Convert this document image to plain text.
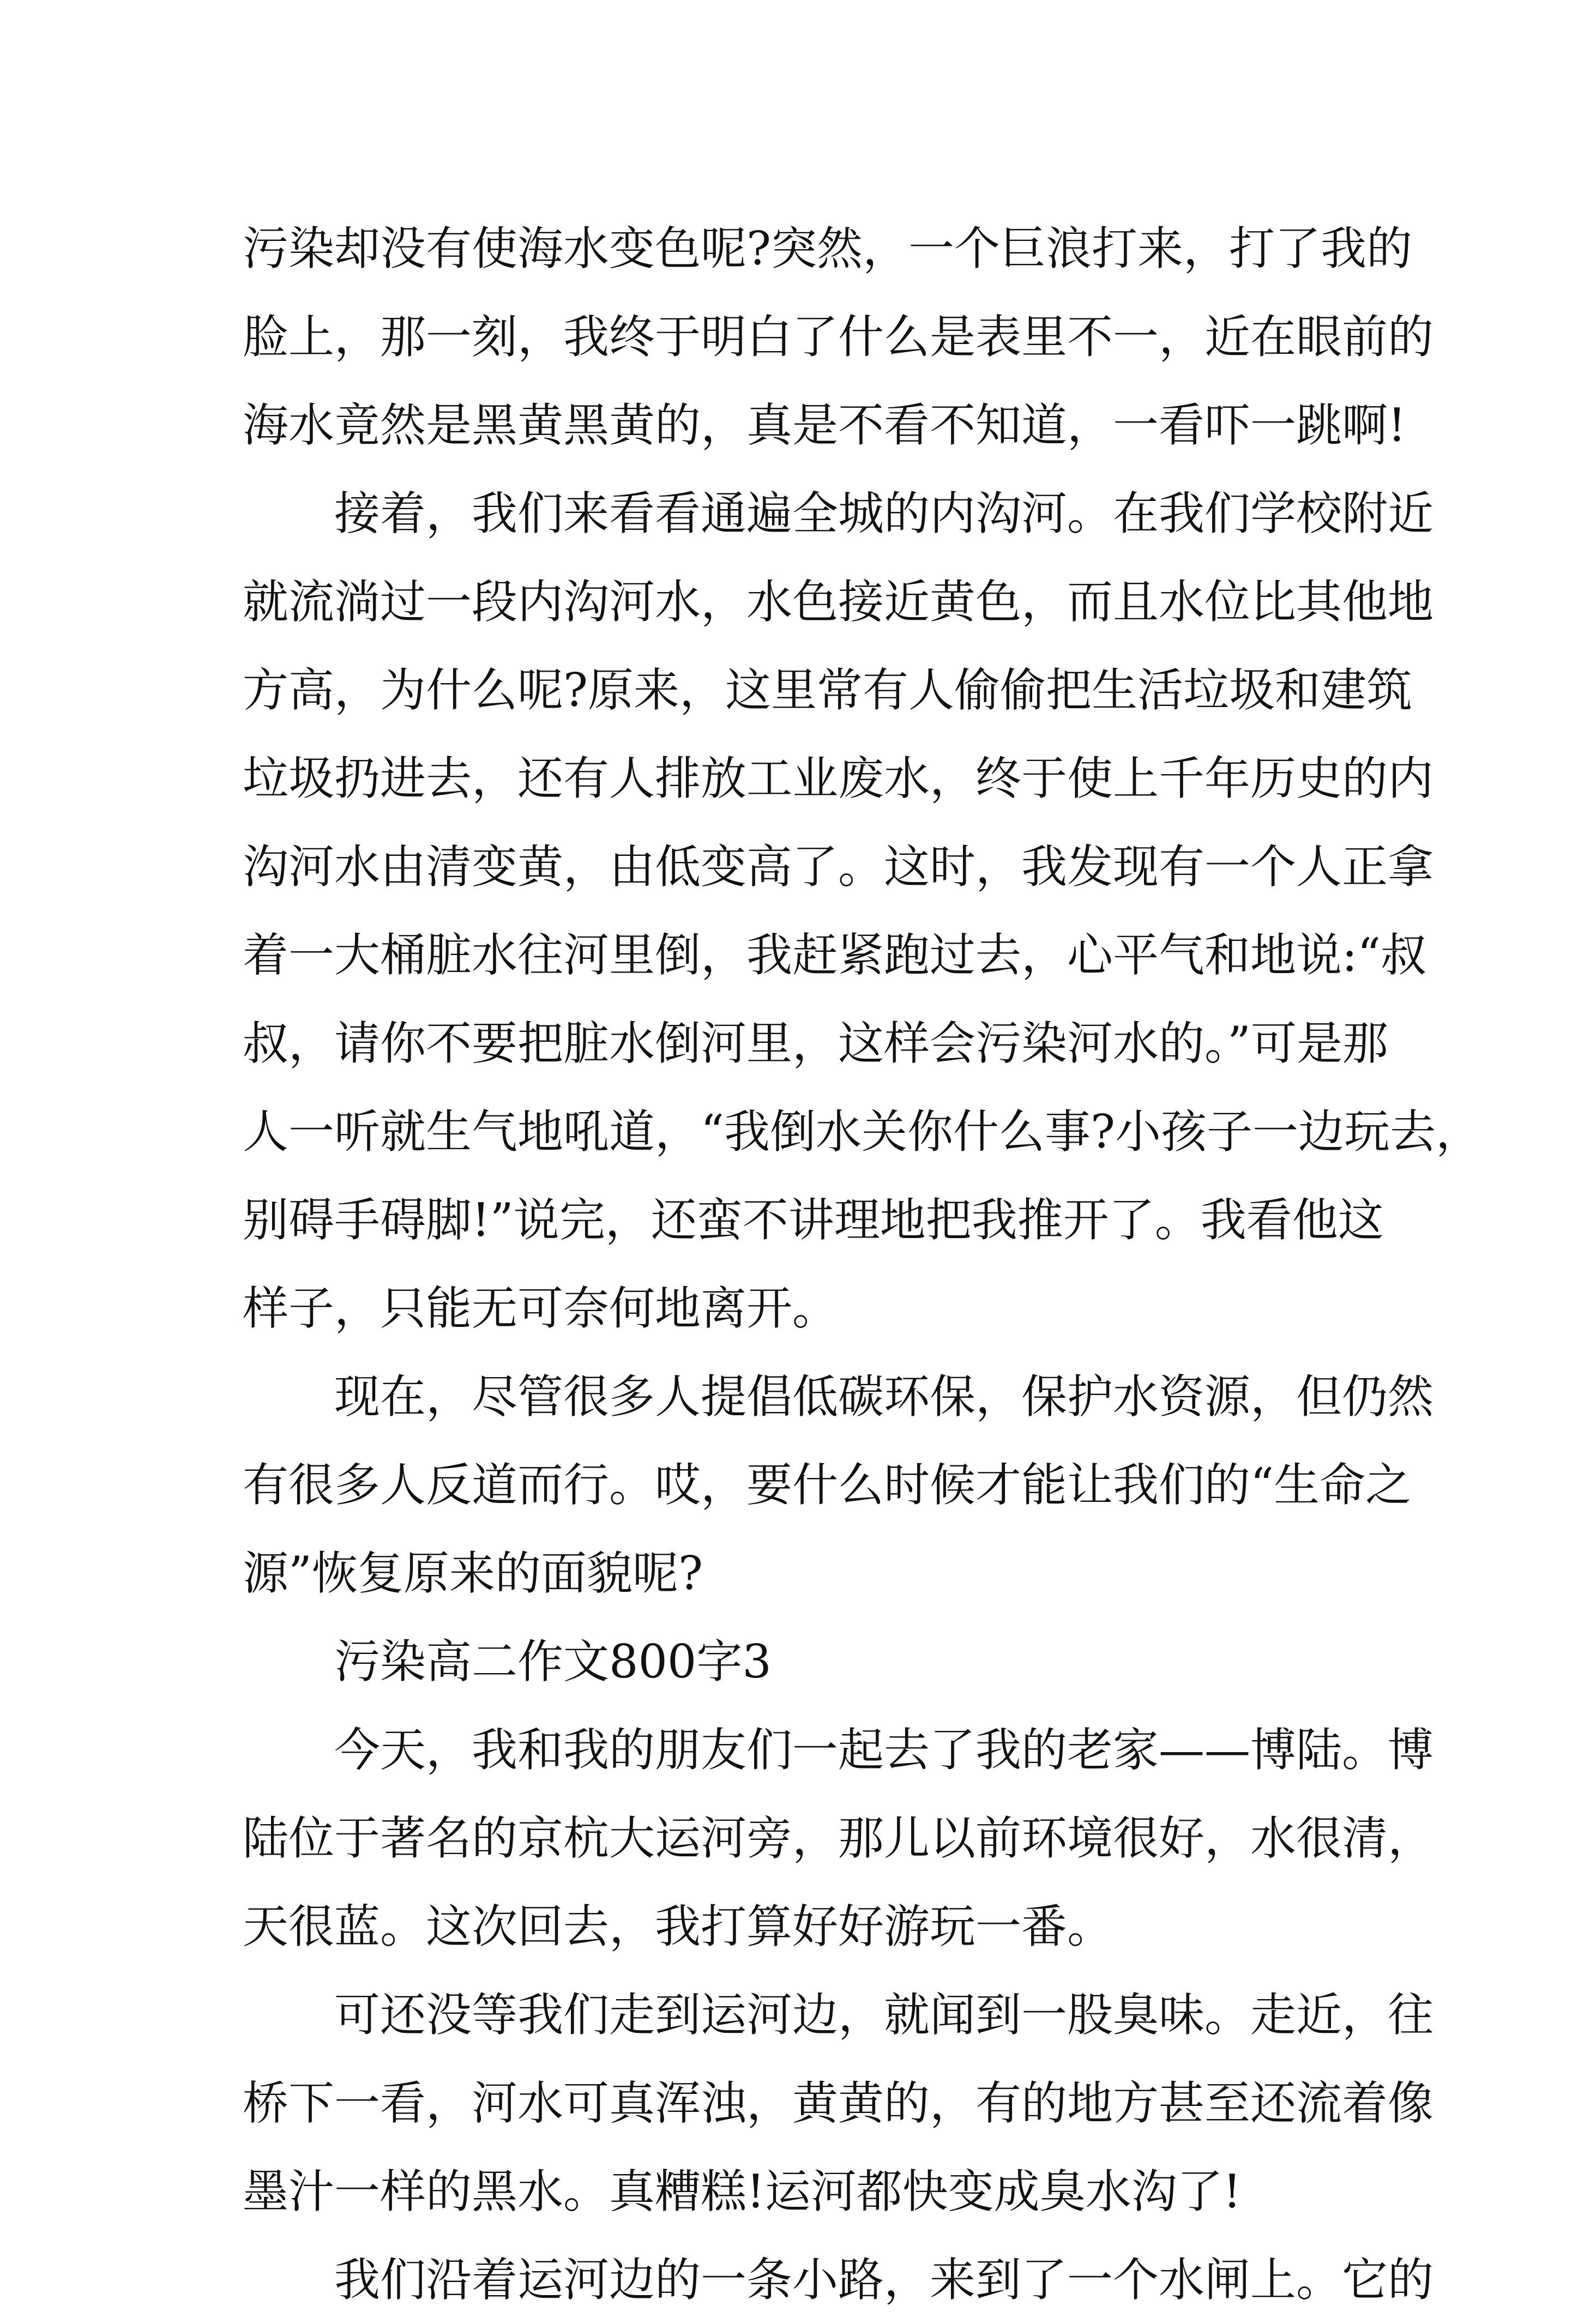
污染却没有使海水变色呢?突然，一个巨浪打来，打了我的
脸上，那一刻，我终于明白了什么是表里不一，近在眼前的
海水竟然是黑黄黑黄的，真是不看不知道，一看吓一跳啊!
接着，我们来看看通遍全城的内沟河。在我们学校附近
就流淌过一段内沟河水，水色接近黄色，而且水位比其他地
方高，为什么呢?原来，这里常有人偷偷把生活垃圾和建筑
垃圾扔进去，还有人排放工业废水，终于使上千年历史的内
沟河水由清变黄，由低变高了。这时，我发现有一个人正拿
着一大桶脏水往河里倒，我赶紧跑过去，心平气和地说:“叔
叔，请你不要把脏水倒河里，这样会污染河水的。”可是那
人一听就生气地吼道，“我倒水关你什么事?小孩子一边玩去，
别碍手碍脚!”说完，还蛮不讲理地把我推开了。我看他这
样子，只能无可奈何地离开。
现在，尽管很多人提倡低碳环保，保护水资源，但仍然
有很多人反道而行。哎，要什么时候才能让我们的“生命之
源”恢复原来的面貌呢?
污染高二作文800字3
今天，我和我的朋友们一起去了我的老家——博陆。博
陆位于著名的京杭大运河旁，那儿以前环境很好，水很清，
天很蓝。这次回去，我打算好好游玩一番。
可还没等我们走到运河边，就闻到一股臭味。走近，往
桥下一看，河水可真浑浊，黄黄的，有的地方甚至还流着像
墨汁一样的黑水。真糟糕!运河都快变成臭水沟了!
我们沿着运河边的一条小路，来到了一个水闸上。它的
